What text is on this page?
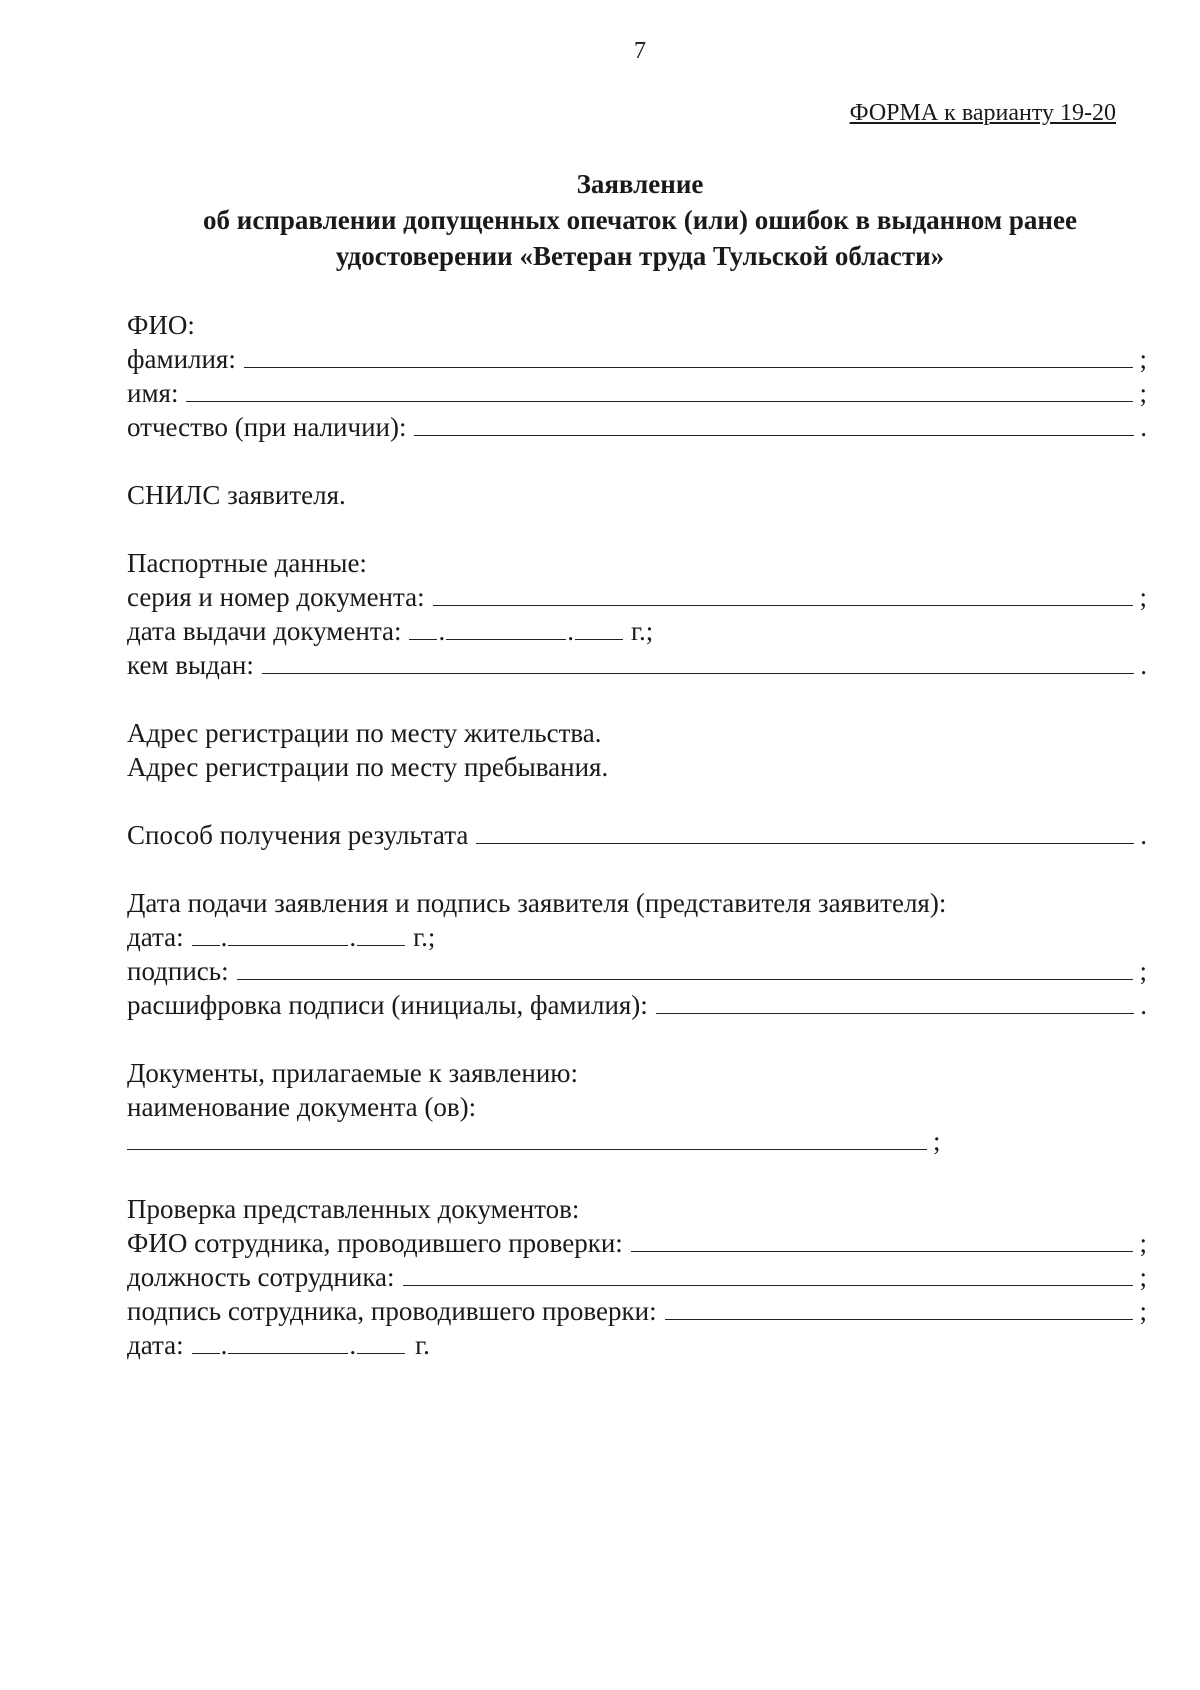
7
ФОРМА к варианту 19-20
Заявление
об исправлении допущенных опечаток (или) ошибок в выданном ранее
удостоверении «Ветеран труда Тульской области»
ФИО:
фамилия:	;
имя:	;
отчество (при наличии):	.
СНИЛС заявителя.
Паспортные данные:
серия и номер документа:	;
дата выдачи документа: .	. г.;
кем выдан:	.
Адрес регистрации по месту жительства.
Адрес регистрации по месту пребывания.
Способ получения результата	.
Дата подачи заявления и подпись заявителя (представителя заявителя):
дата: .	. г.;
подпись:	;
расшифровка подписи (инициалы, фамилия):	.
Документы, прилагаемые к заявлению:
наименование документа (ов):
;
Проверка представленных документов:
ФИО сотрудника, проводившего проверки:	;
должность сотрудника:	;
подпись сотрудника, проводившего проверки:	;
дата: .	. г.
